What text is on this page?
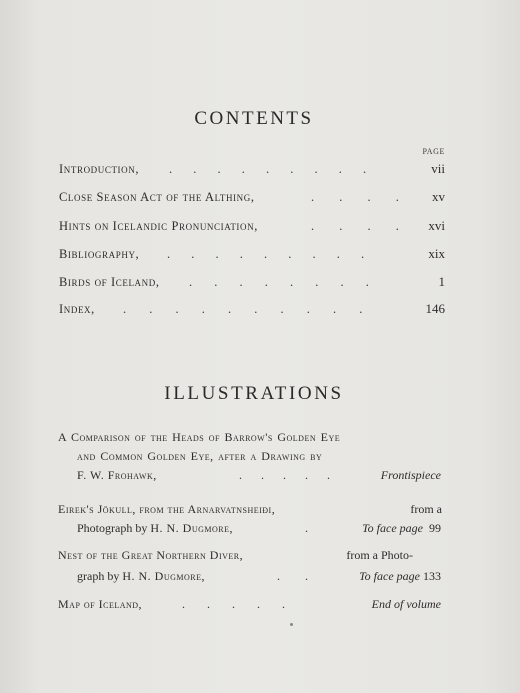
CONTENTS
PAGE
Introduction, . . . . . . . . .	vii
Close Season Act of the Althing,	. . . .	xv
Hints on Icelandic Pronunciation,	. . . . xvi
Bibliography, . . . . . . . . .	xix
Birds of Iceland, . . . . . . . .	1
Index, . . . . . . . . . .	146
ILLUSTRATIONS
A Comparison of the Heads of Barrow's Golden Eye
and Common Golden Eye, after a Drawing by
F. W. Frohawk,	. . . . .	Frontispiece
Eirek's Jökull, from the Arnarvatnsheiði,	from a
Photograph by H. N. Dugmore,	.	To face page 99
Nest of the Great Northern Diver,	from a Photo-
graph by H. N. Dugmore,	. .	To face page 133
Map of Iceland,	. . . . .	End of volume
